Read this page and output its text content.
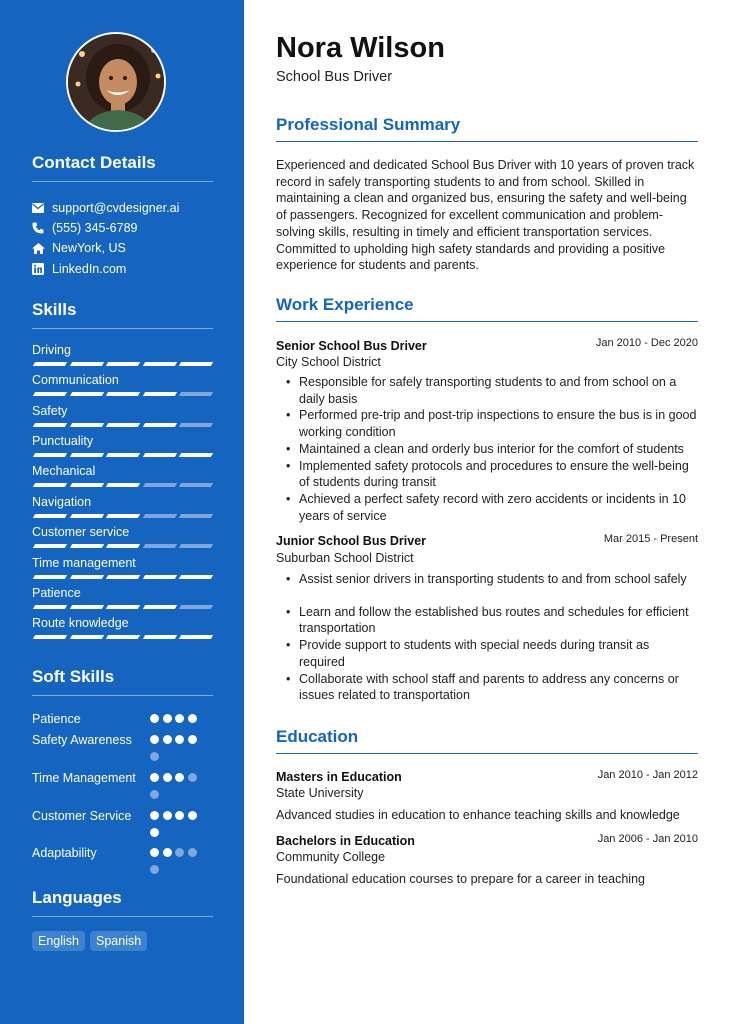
Contact Details
support@cvdesigner.ai
(555) 345-6789
NewYork, US
LinkedIn.com
Skills
Driving
Communication
Safety
Punctuality
Mechanical
Navigation
Customer service
Time management
Patience
Route knowledge
Soft Skills
Patience
Safety Awareness
Time Management
Customer Service
Adaptability
Languages
English	Spanish
Nora Wilson
School Bus Driver
Professional Summary
Experienced and dedicated School Bus Driver with 10 years of proven track record in safely transporting students to and from school. Skilled in maintaining a clean and organized bus, ensuring the safety and well-being of passengers. Recognized for excellent communication and problem-solving skills, resulting in timely and efficient transportation services. Committed to upholding high safety standards and providing a positive experience for students and parents.
Work Experience
Senior School Bus Driver	Jan 2010 - Dec 2020
City School District
• Responsible for safely transporting students to and from school on a daily basis
• Performed pre-trip and post-trip inspections to ensure the bus is in good working condition
• Maintained a clean and orderly bus interior for the comfort of students
• Implemented safety protocols and procedures to ensure the well-being of students during transit
• Achieved a perfect safety record with zero accidents or incidents in 10 years of service
Junior School Bus Driver	Mar 2015 - Present
Suburban School District
• Assist senior drivers in transporting students to and from school safely
• Learn and follow the established bus routes and schedules for efficient transportation
• Provide support to students with special needs during transit as required
• Collaborate with school staff and parents to address any concerns or issues related to transportation
Education
Masters in Education	Jan 2010 - Jan 2012
State University
Advanced studies in education to enhance teaching skills and knowledge
Bachelors in Education	Jan 2006 - Jan 2010
Community College
Foundational education courses to prepare for a career in teaching
